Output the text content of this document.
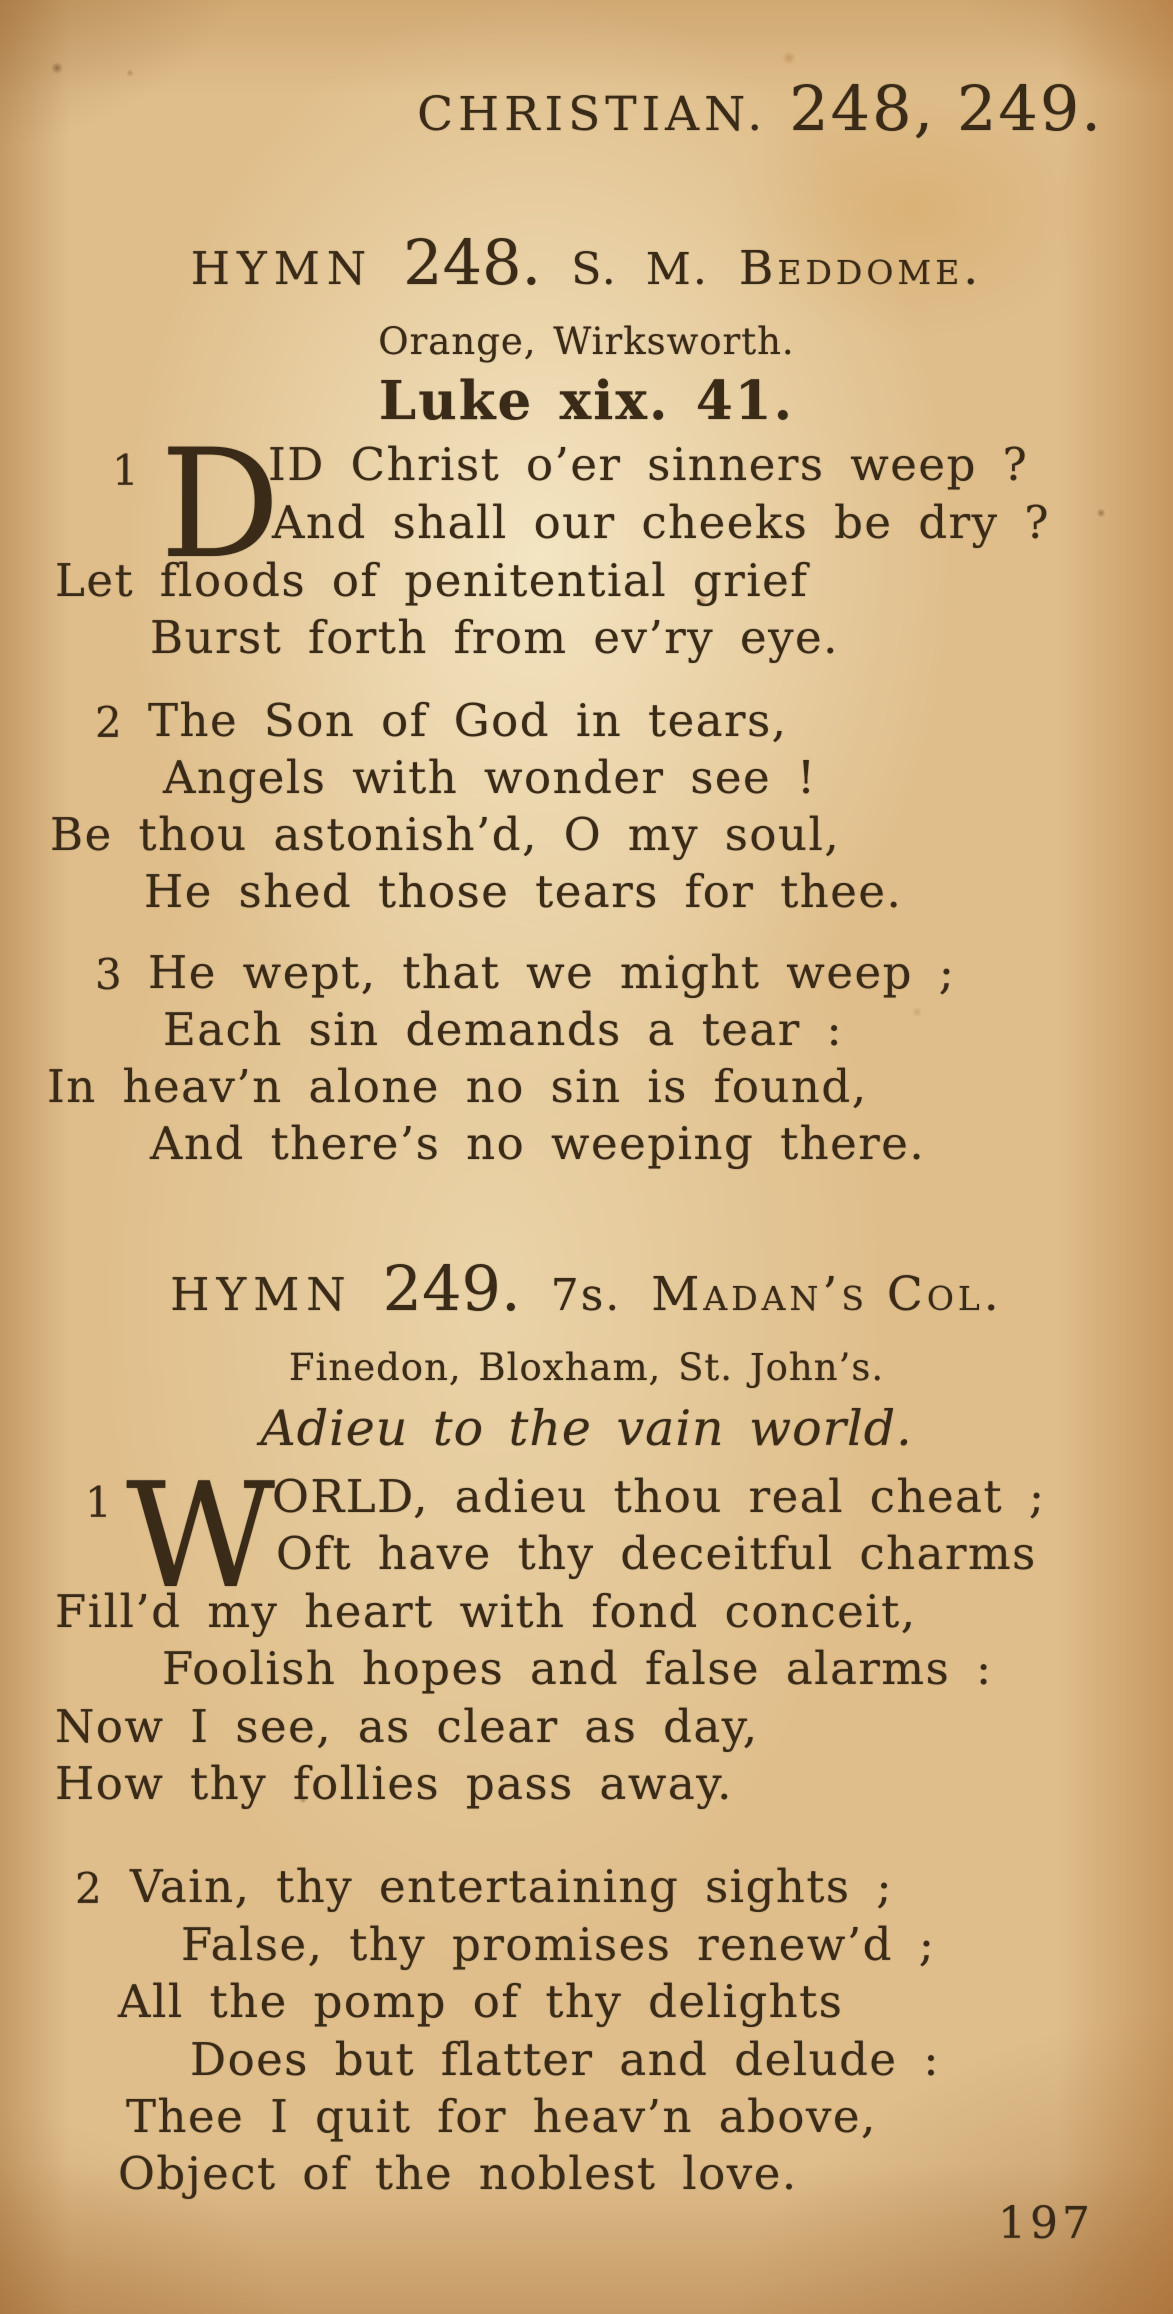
CHRISTIAN. 248, 249.
HYMN 248. S. M. Beddome.
Orange, Wirksworth.
Luke xix. 41.
1 D
ID Christ o’er sinners weep ?
And shall our cheeks be dry ?
Let floods of penitential grief
Burst forth from ev’ry eye.
2 The Son of God in tears,
Angels with wonder see !
Be thou astonish’d, O my soul,
He shed those tears for thee.
3 He wept, that we might weep ;
Each sin demands a tear :
In heav’n alone no sin is found,
And there’s no weeping there.
HYMN 249. 7s. Madan’s Col.
Finedon, Bloxham, St. John’s.
Adieu to the vain world.
1 W
ORLD, adieu thou real cheat ;
Oft have thy deceitful charms
Fill’d my heart with fond conceit,
Foolish hopes and false alarms :
Now I see, as clear as day,
How thy follies pass away.
2 Vain, thy entertaining sights ;
False, thy promises renew’d ;
All the pomp of thy delights
Does but flatter and delude :
Thee I quit for heav’n above,
Object of the noblest love.
197
